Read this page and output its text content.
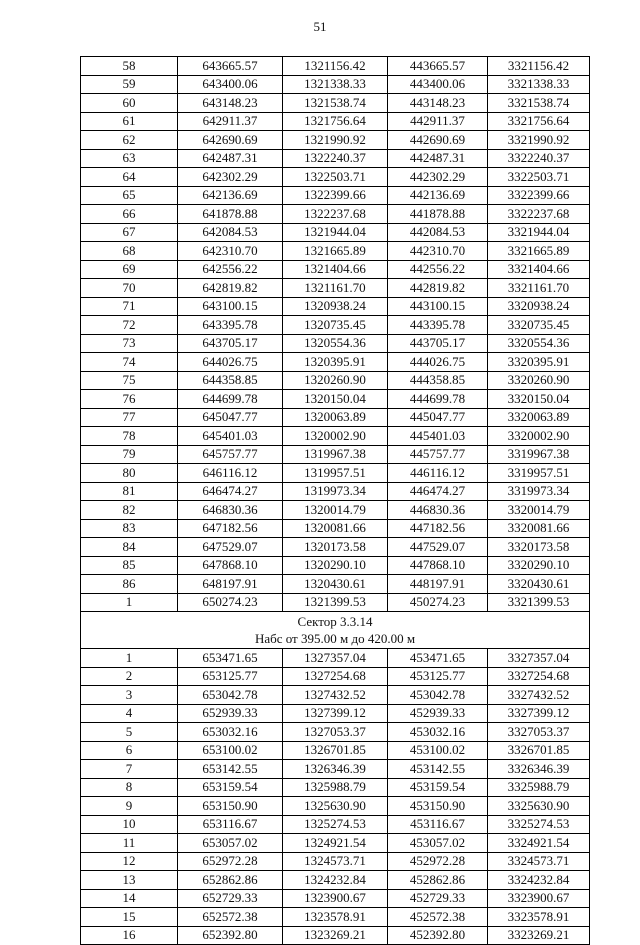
51
58	643665.57	1321156.42	443665.57	3321156.42
59	643400.06	1321338.33	443400.06	3321338.33
60	643148.23	1321538.74	443148.23	3321538.74
61	642911.37	1321756.64	442911.37	3321756.64
62	642690.69	1321990.92	442690.69	3321990.92
63	642487.31	1322240.37	442487.31	3322240.37
64	642302.29	1322503.71	442302.29	3322503.71
65	642136.69	1322399.66	442136.69	3322399.66
66	641878.88	1322237.68	441878.88	3322237.68
67	642084.53	1321944.04	442084.53	3321944.04
68	642310.70	1321665.89	442310.70	3321665.89
69	642556.22	1321404.66	442556.22	3321404.66
70	642819.82	1321161.70	442819.82	3321161.70
71	643100.15	1320938.24	443100.15	3320938.24
72	643395.78	1320735.45	443395.78	3320735.45
73	643705.17	1320554.36	443705.17	3320554.36
74	644026.75	1320395.91	444026.75	3320395.91
75	644358.85	1320260.90	444358.85	3320260.90
76	644699.78	1320150.04	444699.78	3320150.04
77	645047.77	1320063.89	445047.77	3320063.89
78	645401.03	1320002.90	445401.03	3320002.90
79	645757.77	1319967.38	445757.77	3319967.38
80	646116.12	1319957.51	446116.12	3319957.51
81	646474.27	1319973.34	446474.27	3319973.34
82	646830.36	1320014.79	446830.36	3320014.79
83	647182.56	1320081.66	447182.56	3320081.66
84	647529.07	1320173.58	447529.07	3320173.58
85	647868.10	1320290.10	447868.10	3320290.10
86	648197.91	1320430.61	448197.91	3320430.61
1	650274.23	1321399.53	450274.23	3321399.53

Сектор 3.3.14
Набс от 395.00 м до 420.00 м				

1	653471.65	1327357.04	453471.65	3327357.04
2	653125.77	1327254.68	453125.77	3327254.68
3	653042.78	1327432.52	453042.78	3327432.52
4	652939.33	1327399.12	452939.33	3327399.12
5	653032.16	1327053.37	453032.16	3327053.37
6	653100.02	1326701.85	453100.02	3326701.85
7	653142.55	1326346.39	453142.55	3326346.39
8	653159.54	1325988.79	453159.54	3325988.79
9	653150.90	1325630.90	453150.90	3325630.90
10	653116.67	1325274.53	453116.67	3325274.53
11	653057.02	1324921.54	453057.02	3324921.54
12	652972.28	1324573.71	452972.28	3324573.71
13	652862.86	1324232.84	452862.86	3324232.84
14	652729.33	1323900.67	452729.33	3323900.67
15	652572.38	1323578.91	452572.38	3323578.91
16	652392.80	1323269.21	452392.80	3323269.21
